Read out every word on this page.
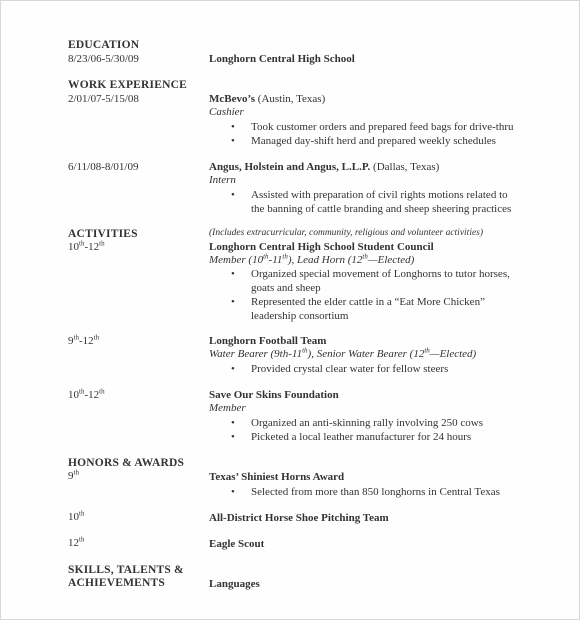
EDUCATION
8/23/06-5/30/09	Longhorn Central High School
WORK EXPERIENCE
2/01/07-5/15/08	McBevo’s (Austin, Texas)
Cashier
• Took customer orders and prepared feed bags for drive-thru
• Managed day-shift herd and prepared weekly schedules
6/11/08-8/01/09	Angus, Holstein and Angus, L.L.P. (Dallas, Texas)
Intern
• Assisted with preparation of civil rights motions related to
the banning of cattle branding and sheep sheering practices
ACTIVITIES	(Includes extracurricular, community, religious and volunteer activities)
10th-12th	Longhorn Central High School Student Council
Member (10th-11th), Lead Horn (12th—Elected)
• Organized special movement of Longhorns to tutor horses,
goats and sheep
• Represented the elder cattle in a “Eat More Chicken”
leadership consortium
9th-12th	Longhorn Football Team
Water Bearer (9th-11th), Senior Water Bearer (12th—Elected)
• Provided crystal clear water for fellow steers
10th-12th	Save Our Skins Foundation
Member
• Organized an anti-skinning rally involving 250 cows
• Picketed a local leather manufacturer for 24 hours
HONORS & AWARDS
9th	Texas’ Shiniest Horns Award
• Selected from more than 850 longhorns in Central Texas
10th	All-District Horse Shoe Pitching Team
12th	Eagle Scout
SKILLS, TALENTS &
ACHIEVEMENTS	Languages
